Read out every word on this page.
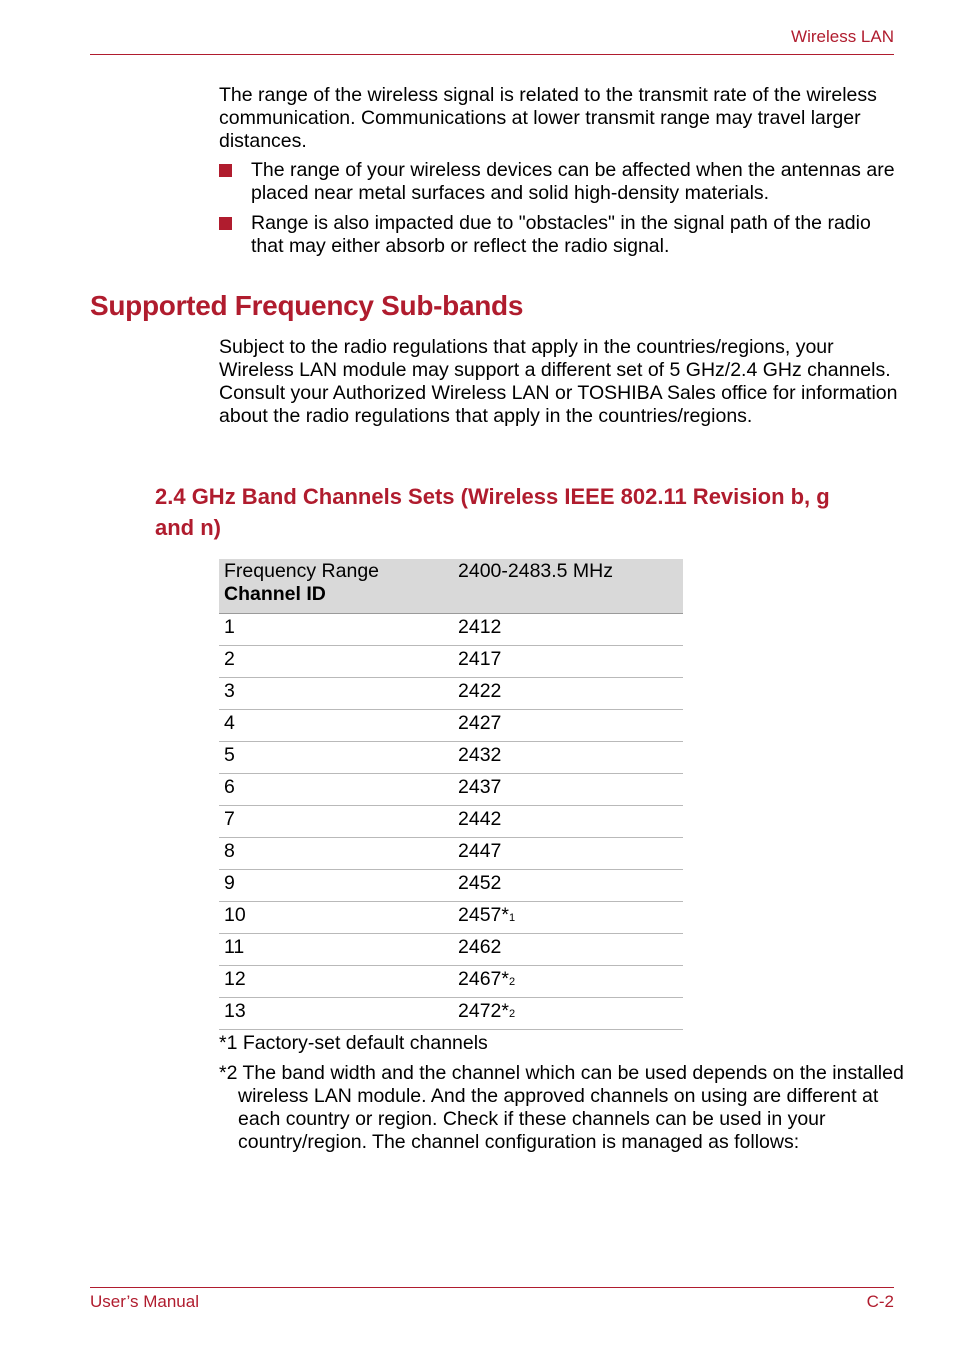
Wireless LAN
The range of the wireless signal is related to the transmit rate of the wireless communication. Communications at lower transmit range may travel larger distances.
The range of your wireless devices can be affected when the antennas are placed near metal surfaces and solid high-density materials.
Range is also impacted due to "obstacles" in the signal path of the radio that may either absorb or reflect the radio signal.
Supported Frequency Sub-bands
Subject to the radio regulations that apply in the countries/regions, your Wireless LAN module may support a different set of 5 GHz/2.4 GHz channels. Consult your Authorized Wireless LAN or TOSHIBA Sales office for information about the radio regulations that apply in the countries/regions.
2.4 GHz Band Channels Sets (Wireless IEEE 802.11 Revision b, g and n)
Frequency Range
Channel ID	2400-2483.5 MHz
1	2412
2	2417
3	2422
4	2427
5	2432
6	2437
7	2442
8	2447
9	2452
10	2457*1
11	2462
12	2467*2
13	2472*2
*1 Factory-set default channels
*2 The band width and the channel which can be used depends on the installed wireless LAN module. And the approved channels on using are different at each country or region. Check if these channels can be used in your country/region. The channel configuration is managed as follows:
User’s Manual	C-2
